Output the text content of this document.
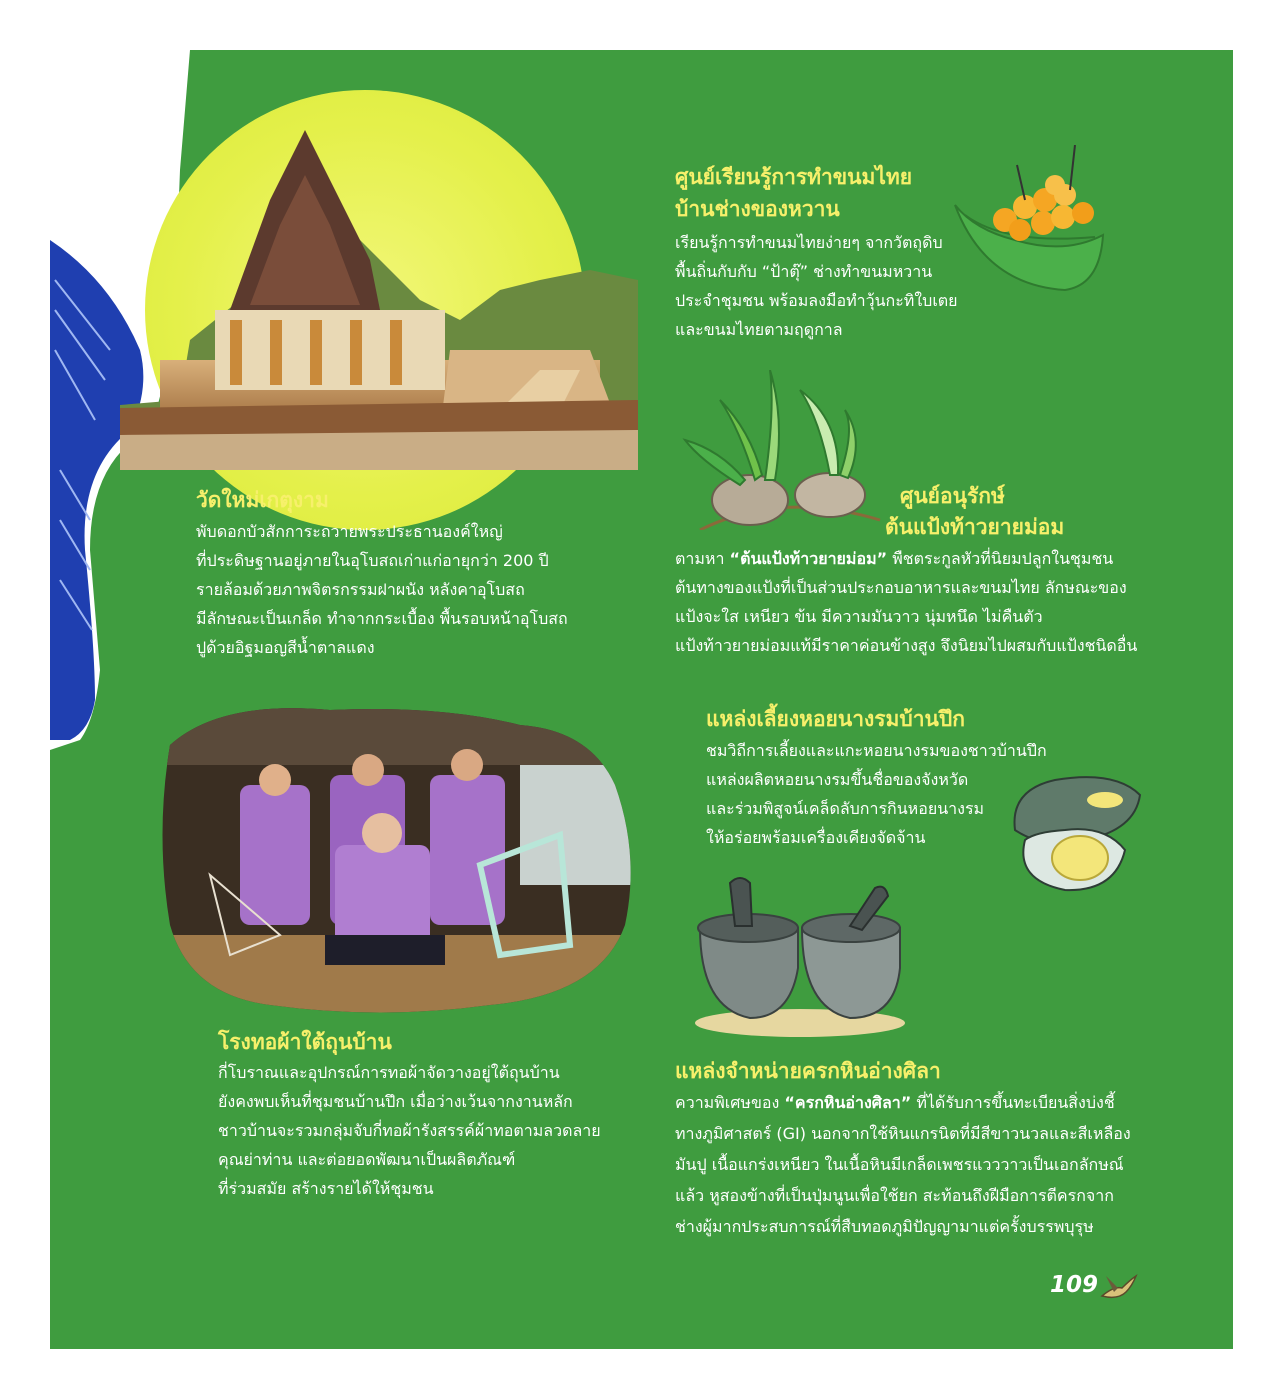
ศูนย์เรียนรู้การทำขนมไทย

บ้านช่างของหวาน

เรียนรู้การทำขนมไทยง่ายๆ จากวัตถุดิบ

พื้นถิ่นกับกับ “ป้าตุ๊” ช่างทำขนมหวาน

ประจำชุมชน พร้อมลงมือทำวุ้นกะทิใบเตย

และขนมไทยตามฤดูกาล

วัดใหม่เกตุงาม

พับดอกบัวสักการะถวายพระประธานองค์ใหญ่

ที่ประดิษฐานอยู่ภายในอุโบสถเก่าแก่อายุกว่า 200 ปี

รายล้อมด้วยภาพจิตรกรรมฝาผนัง หลังคาอุโบสถ

มีลักษณะเป็นเกล็ด ทำจากกระเบื้อง พื้นรอบหน้าอุโบสถ

ปูด้วยอิฐมอญสีน้ำตาลแดง

ศูนย์อนุรักษ์

ต้นแป้งท้าวยายม่อม

ตามหา “ต้นแป้งท้าวยายม่อม” พืชตระกูลหัวที่นิยมปลูกในชุมชน

ต้นทางของแป้งที่เป็นส่วนประกอบอาหารและขนมไทย ลักษณะของ

แป้งจะใส เหนียว ข้น มีความมันวาว นุ่มหนึด ไม่คืนตัว

แป้งท้าวยายม่อมแท้มีราคาค่อนข้างสูง จึงนิยมไปผสมกับแป้งชนิดอื่น

แหล่งเลี้ยงหอยนางรมบ้านปึก

ชมวิถีการเลี้ยงและแกะหอยนางรมของชาวบ้านปึก

แหล่งผลิตหอยนางรมขึ้นชื่อของจังหวัด

และร่วมพิสูจน์เคล็ดลับการกินหอยนางรม

ให้อร่อยพร้อมเครื่องเคียงจัดจ้าน

โรงทอผ้าใต้ถุนบ้าน

กี่โบราณและอุปกรณ์การทอผ้าจัดวางอยู่ใต้ถุนบ้าน

ยังคงพบเห็นที่ชุมชนบ้านปึก เมื่อว่างเว้นจากงานหลัก

ชาวบ้านจะรวมกลุ่มจับกี่ทอผ้ารังสรรค์ผ้าทอตามลวดลาย

คุณย่าท่าน และต่อยอดพัฒนาเป็นผลิตภัณฑ์

ที่ร่วมสมัย สร้างรายได้ให้ชุมชน

แหล่งจำหน่ายครกหินอ่างศิลา

ความพิเศษของ “ครกหินอ่างศิลา” ที่ได้รับการขึ้นทะเบียนสิ่งบ่งชี้

ทางภูมิศาสตร์ (GI) นอกจากใช้หินแกรนิตที่มีสีขาวนวลและสีเหลือง

มันปู เนื้อแกร่งเหนียว ในเนื้อหินมีเกล็ดเพชรแวววาวเป็นเอกลักษณ์

แล้ว หูสองข้างที่เป็นปุ่มนูนเพื่อใช้ยก สะท้อนถึงฝีมือการตีครกจาก

ช่างผู้มากประสบการณ์ที่สืบทอดภูมิปัญญามาแต่ครั้งบรรพบุรุษ

109
